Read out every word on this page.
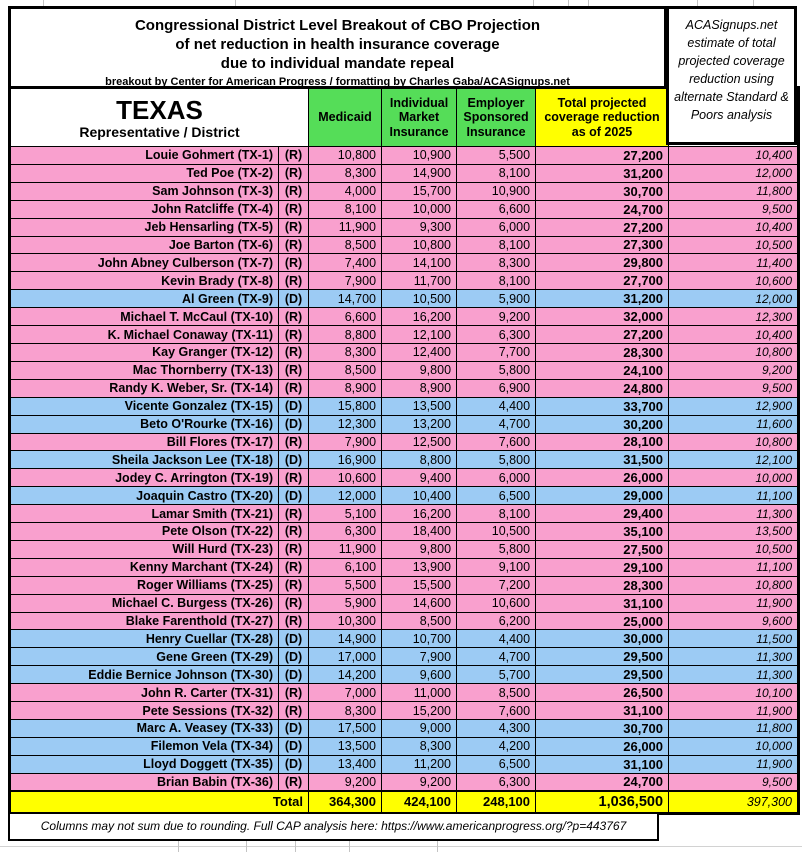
Congressional District Level Breakout of CBO Projection
of net reduction in health insurance coverage
due to individual mandate repeal
breakout by Center for American Progress / formatting by Charles Gaba/ACASignups.net
ACASignups.net estimate of total projected coverage reduction using alternate Standard & Poors analysis
TEXAS
Representative / District		Medicaid	Individual Market Insurance	Employer Sponsored Insurance	Total projected coverage reduction as of 2025	
Louie Gohmert (TX-1)	(R)	10,800	10,900	5,500	27,200	10,400
Ted Poe (TX-2)	(R)	8,300	14,900	8,100	31,200	12,000
Sam Johnson (TX-3)	(R)	4,000	15,700	10,900	30,700	11,800
John Ratcliffe (TX-4)	(R)	8,100	10,000	6,600	24,700	9,500
Jeb Hensarling (TX-5)	(R)	11,900	9,300	6,000	27,200	10,400
Joe Barton (TX-6)	(R)	8,500	10,800	8,100	27,300	10,500
John Abney Culberson (TX-7)	(R)	7,400	14,100	8,300	29,800	11,400
Kevin Brady (TX-8)	(R)	7,900	11,700	8,100	27,700	10,600
Al Green (TX-9)	(D)	14,700	10,500	5,900	31,200	12,000
Michael T. McCaul (TX-10)	(R)	6,600	16,200	9,200	32,000	12,300
K. Michael Conaway (TX-11)	(R)	8,800	12,100	6,300	27,200	10,400
Kay Granger (TX-12)	(R)	8,300	12,400	7,700	28,300	10,800
Mac Thornberry (TX-13)	(R)	8,500	9,800	5,800	24,100	9,200
Randy K. Weber, Sr. (TX-14)	(R)	8,900	8,900	6,900	24,800	9,500
Vicente Gonzalez (TX-15)	(D)	15,800	13,500	4,400	33,700	12,900
Beto O'Rourke (TX-16)	(D)	12,300	13,200	4,700	30,200	11,600
Bill Flores (TX-17)	(R)	7,900	12,500	7,600	28,100	10,800
Sheila Jackson Lee (TX-18)	(D)	16,900	8,800	5,800	31,500	12,100
Jodey C. Arrington (TX-19)	(R)	10,600	9,400	6,000	26,000	10,000
Joaquin Castro (TX-20)	(D)	12,000	10,400	6,500	29,000	11,100
Lamar Smith (TX-21)	(R)	5,100	16,200	8,100	29,400	11,300
Pete Olson (TX-22)	(R)	6,300	18,400	10,500	35,100	13,500
Will Hurd (TX-23)	(R)	11,900	9,800	5,800	27,500	10,500
Kenny Marchant (TX-24)	(R)	6,100	13,900	9,100	29,100	11,100
Roger Williams (TX-25)	(R)	5,500	15,500	7,200	28,300	10,800
Michael C. Burgess (TX-26)	(R)	5,900	14,600	10,600	31,100	11,900
Blake Farenthold (TX-27)	(R)	10,300	8,500	6,200	25,000	9,600
Henry Cuellar (TX-28)	(D)	14,900	10,700	4,400	30,000	11,500
Gene Green (TX-29)	(D)	17,000	7,900	4,700	29,500	11,300
Eddie Bernice Johnson (TX-30)	(D)	14,200	9,600	5,700	29,500	11,300
John R. Carter (TX-31)	(R)	7,000	11,000	8,500	26,500	10,100
Pete Sessions (TX-32)	(R)	8,300	15,200	7,600	31,100	11,900
Marc A. Veasey (TX-33)	(D)	17,500	9,000	4,300	30,700	11,800
Filemon Vela (TX-34)	(D)	13,500	8,300	4,200	26,000	10,000
Lloyd Doggett (TX-35)	(D)	13,400	11,200	6,500	31,100	11,900
Brian Babin (TX-36)	(R)	9,200	9,200	6,300	24,700	9,500
Total		364,300	424,100	248,100	1,036,500	397,300
Columns may not sum due to rounding. Full CAP analysis here: https://www.americanprogress.org/?p=443767
